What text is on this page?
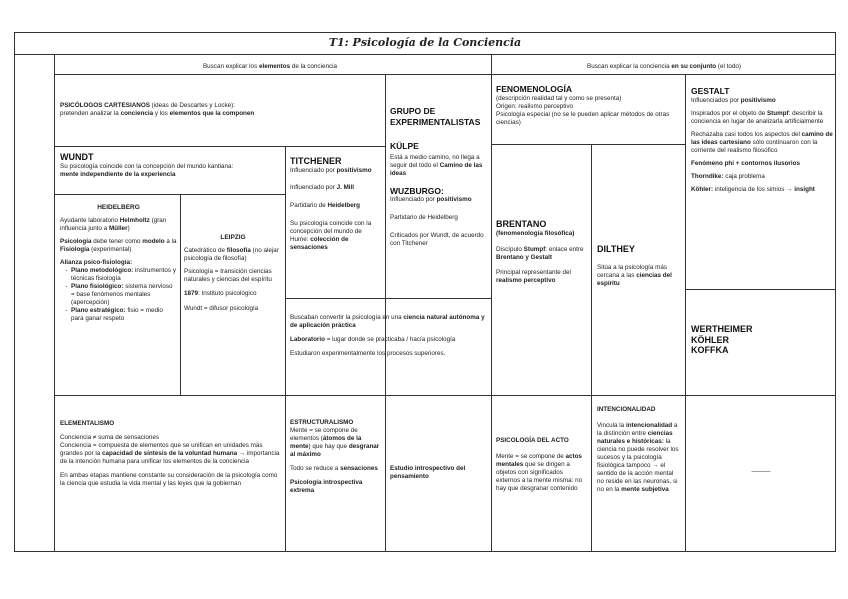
T1: Psicología de la Conciencia
Buscan explicar los elementos de la conciencia	Buscan explicar la conciencia en su conjunto (el todo)
PSICÓLOGOS CARTESIANOS (ideas de Descartes y Locke):
pretenden analizar la conciencia y los elementos que la componen	GRUPO DE EXPERIMENTALISTAS
KÜLPE
Está a medio camino, no llega a seguir del todo el Camino de las ideas
WUZBURGO:
Influenciado por positivismo
Partidario de Heidelberg
Criticados por Wundt, de acuerdo con Titchener
FENOMENOLOGÍA
(descripción realidad tal y como se presenta)
Origen: realismo perceptivo
Psicología especial (no se le pueden aplicar métodos de otras ciencias)
GESTALT
Influenciados por positivismo
Inspirados por el objeto de Stumpf: describir la conciencia en lugar de analizarla artificialmente
Rechazaba casi todos los aspectos del camino de las ideas cartesiano sólo continuaron con la corriente del realismo filosófico
Fenómeno phi + contornos ilusorios
Thorndike: caja problema
Köhler: inteligencia de los simios → insight
WUNDT
Su psicología coincide con la concepción del mundo kantiana:
mente independiente de la experiencia
TITCHENER
Influenciado por positivismo
Influenciado por J. Mill
Partidario de Heidelberg
Su psicología coincide con la concepción del mundo de Hume: colección de sensaciones
HEIDELBERG
Ayudante laboratorio Helmholtz (gran influencia junto a Müller)
Psicología debe tener como modelo a la Fisiología (experimental)
Alianza psico-fisiología:
- Plano metodológico: instrumentos y técnicas fisiología
- Plano fisiológico: sistema nervioso = base fenómenos mentales (apercepción)
- Plano estratégico: fisio = medio para ganar respeto
LEIPZIG
Catedrático de filosofía (no alejar psicología de filosofía)
Psicología = transición ciencias naturales y ciencias del espíritu
1879: Instituto psicológico
Wundt = difusor psicología
Buscaban convertir la psicología en una ciencia natural autónoma y de aplicación práctica
Laboratorio = lugar donde se practicaba / hacía psicología
Estudiaron experimentalmente los procesos superiores.
BRENTANO
(fenomenología filosófica)
Discípulo Stumpf: enlace entre Brentano y Gestalt
Principal representante del realismo perceptivo
DILTHEY
Sitúa a la psicología más cercana a las ciencias del espíritu
WERTHEIMER
KÖHLER
KOFFKA
ELEMENTALISMO
Conciencia ≠ suma de sensaciones
Conciencia = compuesta de elementos que se unifican en unidades más grandes por la capacidad de síntesis de la voluntad humana → importancia de la intención humana para unificar los elementos de la conciencia
En ambas etapas mantiene constante su consideración de la psicología como la ciencia que estudia la vida mental y las leyes que la gobiernan
ESTRUCTURALISMO
Mente = se compone de elementos (átomos de la mente) que hay que desgranar al máximo
Todo se reduce a sensaciones
Psicología introspectiva extrema
Estudio introspectivo del pensamiento
PSICOLOGÍA DEL ACTO
Mente = se compone de actos mentales que se dirigen a objetos con significados externos a la mente misma: no hay que desgranar contenido
INTENCIONALIDAD
Vincula la intencionalidad a la distinción entre ciencias naturales e históricas: la ciencia no puede resolver los sucesos y la psicología fisiológica tampoco → el sentido de la acción mental no reside en las neuronas, si no en la mente subjetiva
———
